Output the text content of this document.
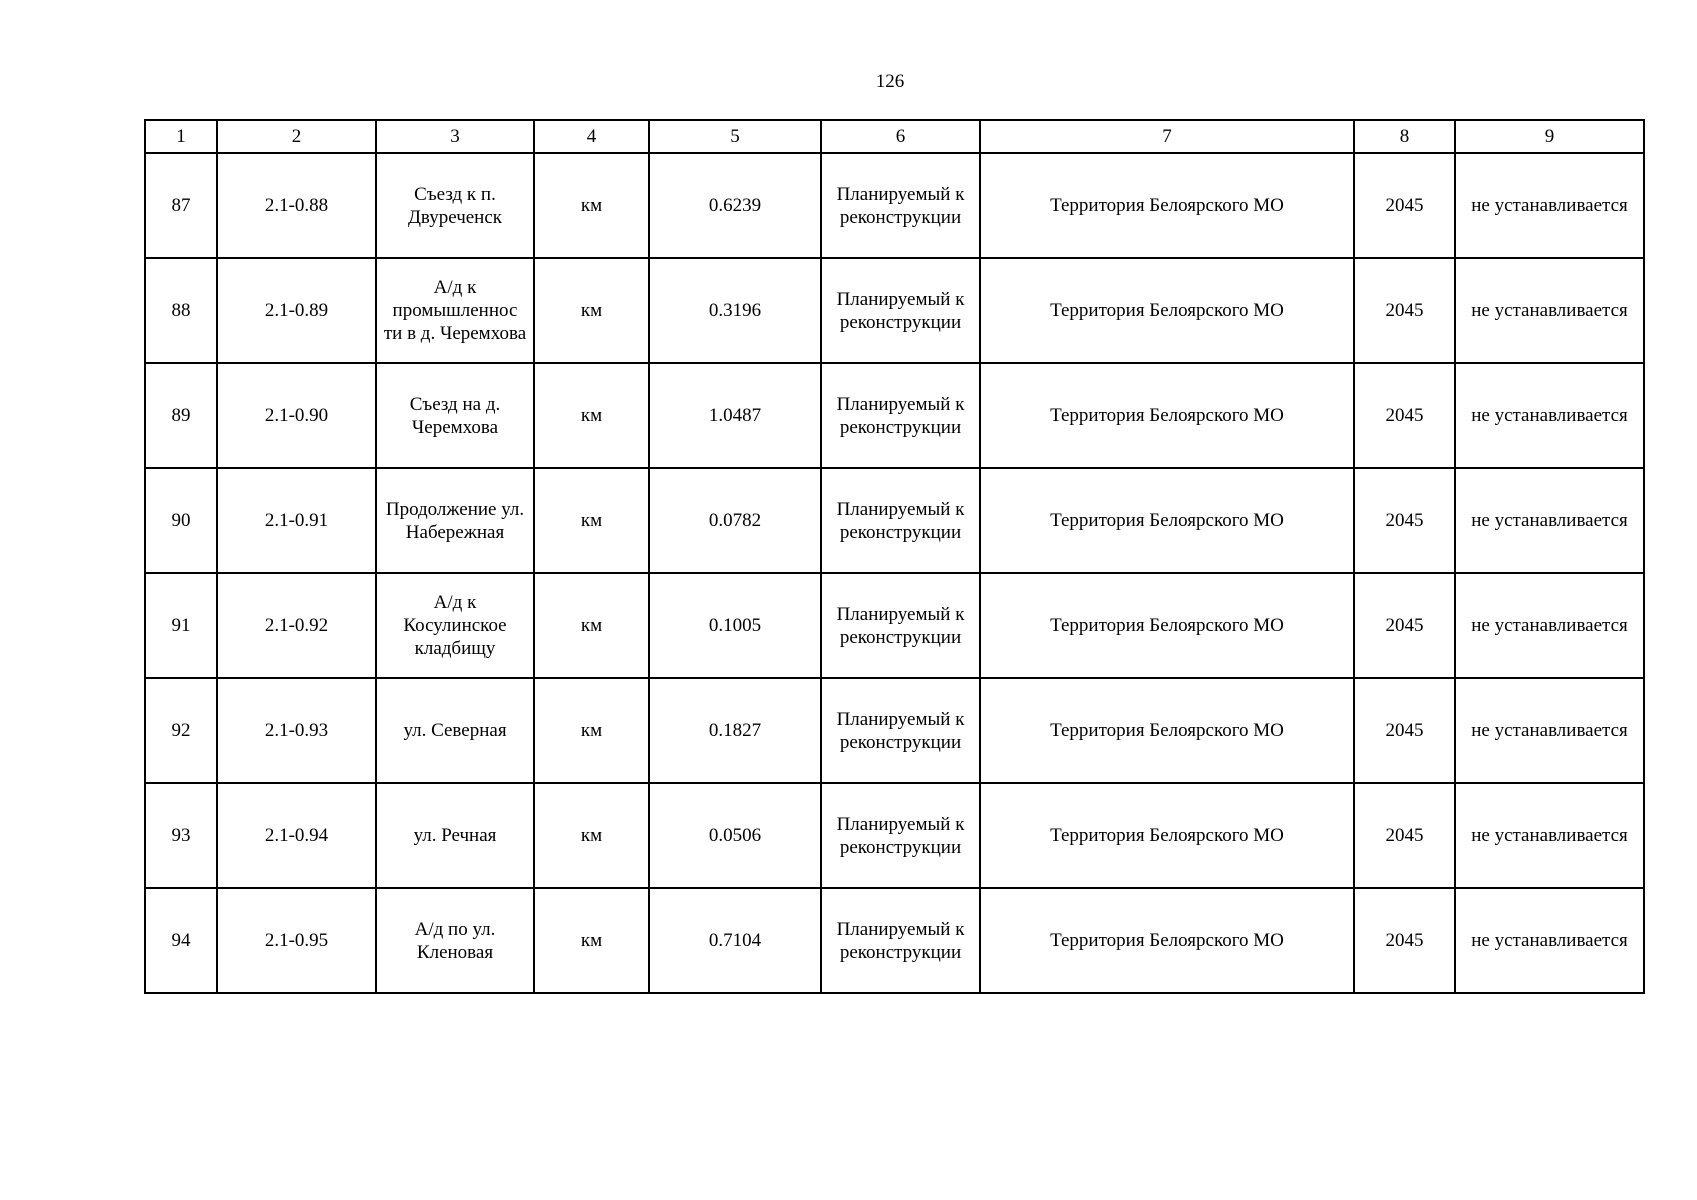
126
1	2	3	4	5	6	7	8	9
87	2.1-0.88	Съезд к п. Двуреченск	км	0.6239	Планируемый к реконструкции	Территория Белоярского МО	2045	не устанавливается
88	2.1-0.89	А/д к промышленнос ти в д. Черемхова	км	0.3196	Планируемый к реконструкции	Территория Белоярского МО	2045	не устанавливается
89	2.1-0.90	Съезд на д. Черемхова	км	1.0487	Планируемый к реконструкции	Территория Белоярского МО	2045	не устанавливается
90	2.1-0.91	Продолжение ул. Набережная	км	0.0782	Планируемый к реконструкции	Территория Белоярского МО	2045	не устанавливается
91	2.1-0.92	А/д к Косулинское кладбищу	км	0.1005	Планируемый к реконструкции	Территория Белоярского МО	2045	не устанавливается
92	2.1-0.93	ул. Северная	км	0.1827	Планируемый к реконструкции	Территория Белоярского МО	2045	не устанавливается
93	2.1-0.94	ул. Речная	км	0.0506	Планируемый к реконструкции	Территория Белоярского МО	2045	не устанавливается
94	2.1-0.95	А/д по ул. Кленовая	км	0.7104	Планируемый к реконструкции	Территория Белоярского МО	2045	не устанавливается
